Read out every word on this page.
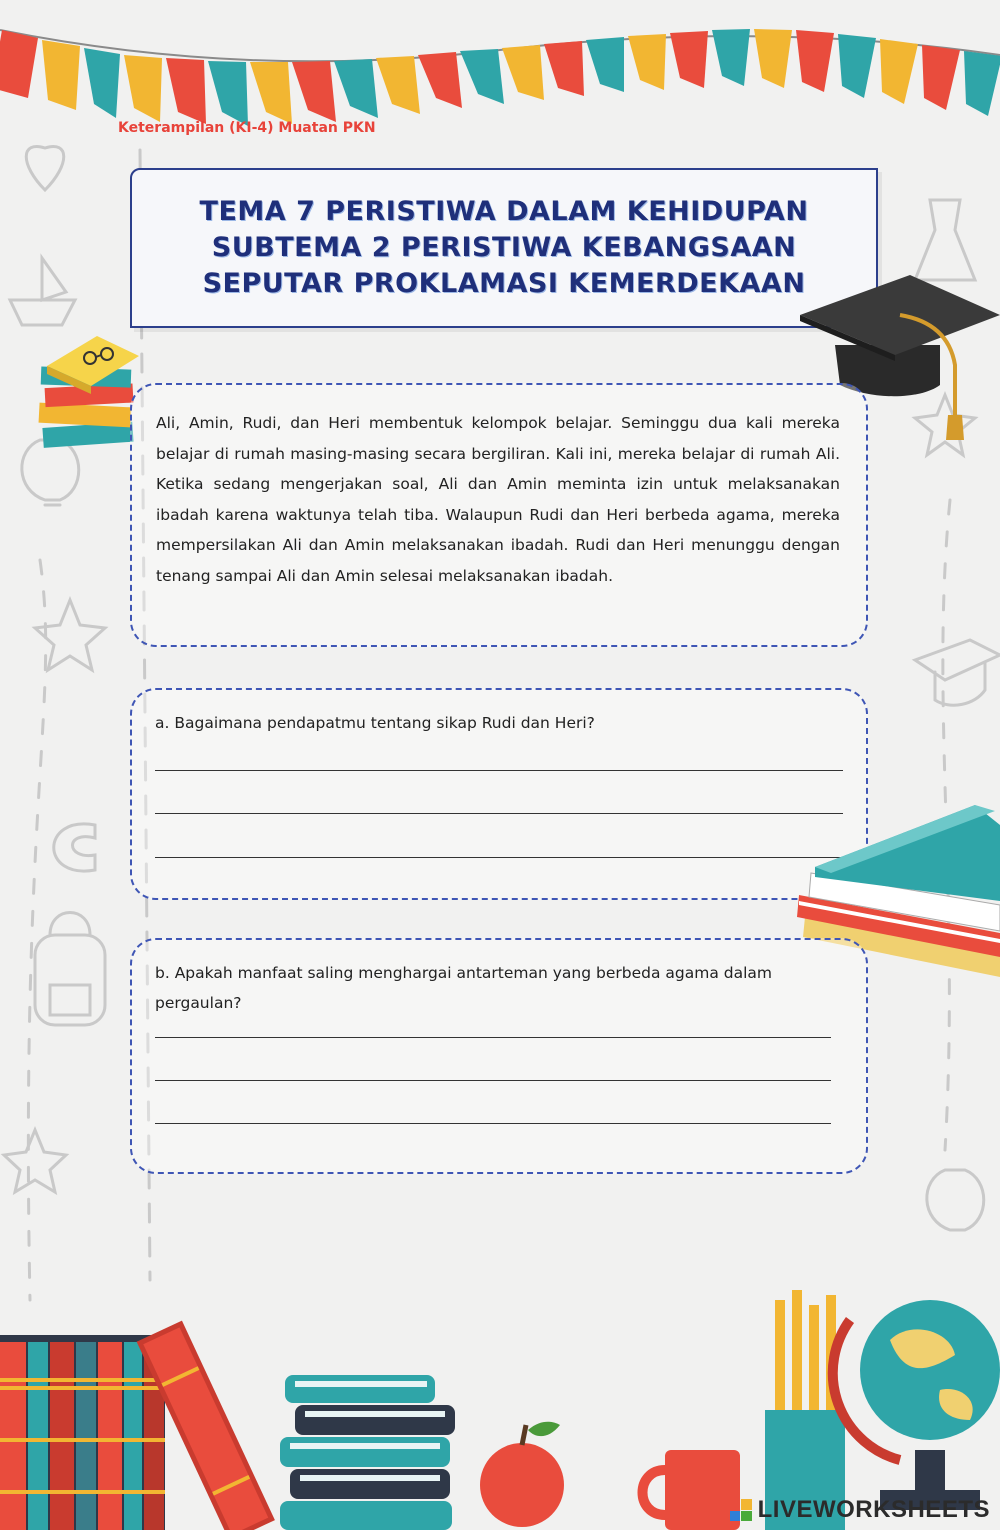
Keterampilan (KI-4) Muatan PKN
TEMA 7 PERISTIWA DALAM KEHIDUPAN
SUBTEMA 2 PERISTIWA KEBANGSAAN
SEPUTAR PROKLAMASI KEMERDEKAAN
Ali, Amin, Rudi, dan Heri membentuk kelompok belajar. Seminggu dua kali mereka belajar di rumah masing-masing secara bergiliran. Kali ini, mereka belajar di rumah Ali. Ketika sedang mengerjakan soal, Ali dan Amin meminta izin untuk melaksanakan ibadah karena waktunya telah tiba. Walaupun Rudi dan Heri berbeda agama, mereka mempersilakan Ali dan Amin melaksanakan ibadah. Rudi dan Heri menunggu dengan tenang sampai Ali dan Amin selesai melaksanakan ibadah.
a. Bagaimana pendapatmu tentang sikap Rudi dan Heri?
b. Apakah manfaat saling menghargai antarteman yang berbeda agama dalam pergaulan?
LIVEWORKSHEETS
